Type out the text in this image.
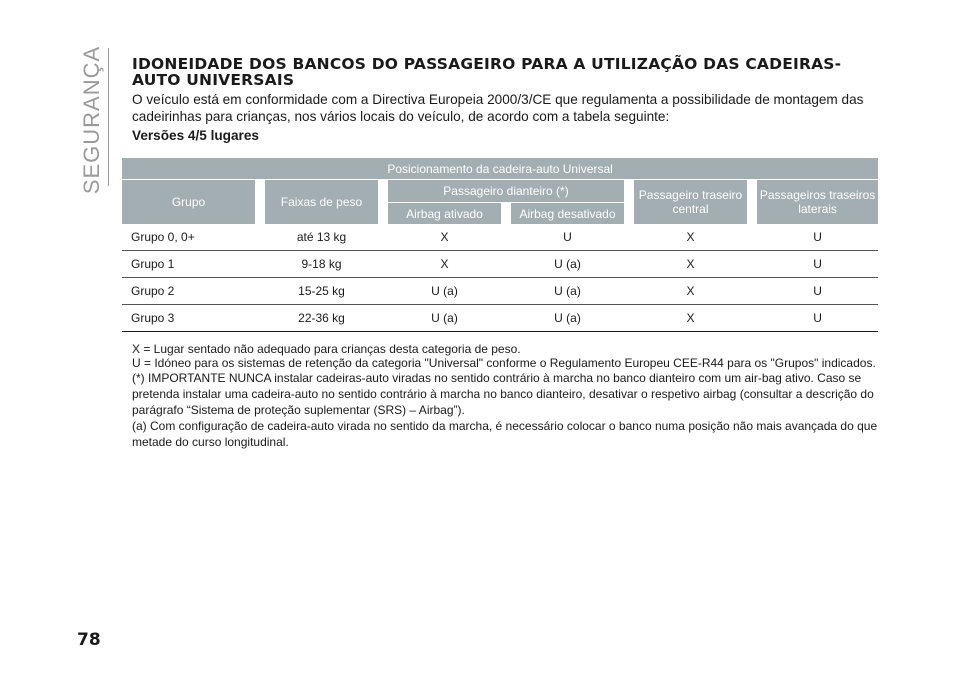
SEGURANÇA IDONEIDADE DOS BANCOS DO PASSAGEIRO PARA A UTILIZAÇÃO DAS CADEIRAS-AUTO UNIVERSAIS

O veículo está em conformidade com a Directiva Europeia 2000/3/CE que regulamenta a possibilidade de montagem das cadeirinhas para crianças, nos vários locais do veículo, de acordo com a tabela seguinte:

Versões 4/5 lugares
Posicionamento da cadeira-auto Universal										
Grupo		Faixas de peso		Passageiro dianteiro (*)				Passageiro traseiro central		Passageiros traseiros laterais
				Airbag ativado		Airbag desativado				
Grupo 0, 0+		até 13 kg		X		U		X		U
Grupo 1		9-18 kg		X		U (a)		X		U
Grupo 2		15-25 kg		U (a)		U (a)		X		U
Grupo 3		22-36 kg		U (a)		U (a)		X		U

X = Lugar sentado não adequado para crianças desta categoria de peso.

U = Idóneo para os sistemas de retenção da categoria "Universal" conforme o Regulamento Europeu CEE-R44 para os "Grupos" indicados.

(*) IMPORTANTE NUNCA instalar cadeiras-auto viradas no sentido contrário à marcha no banco dianteiro com um air-bag ativo. Caso se pretenda instalar uma cadeira-auto no sentido contrário à marcha no banco dianteiro, desativar o respetivo airbag (consultar a descrição do parágrafo “Sistema de proteção suplementar (SRS) – Airbag”).

(a) Com configuração de cadeira-auto virada no sentido da marcha, é necessário colocar o banco numa posição não mais avançada do que metade do curso longitudinal.

78
